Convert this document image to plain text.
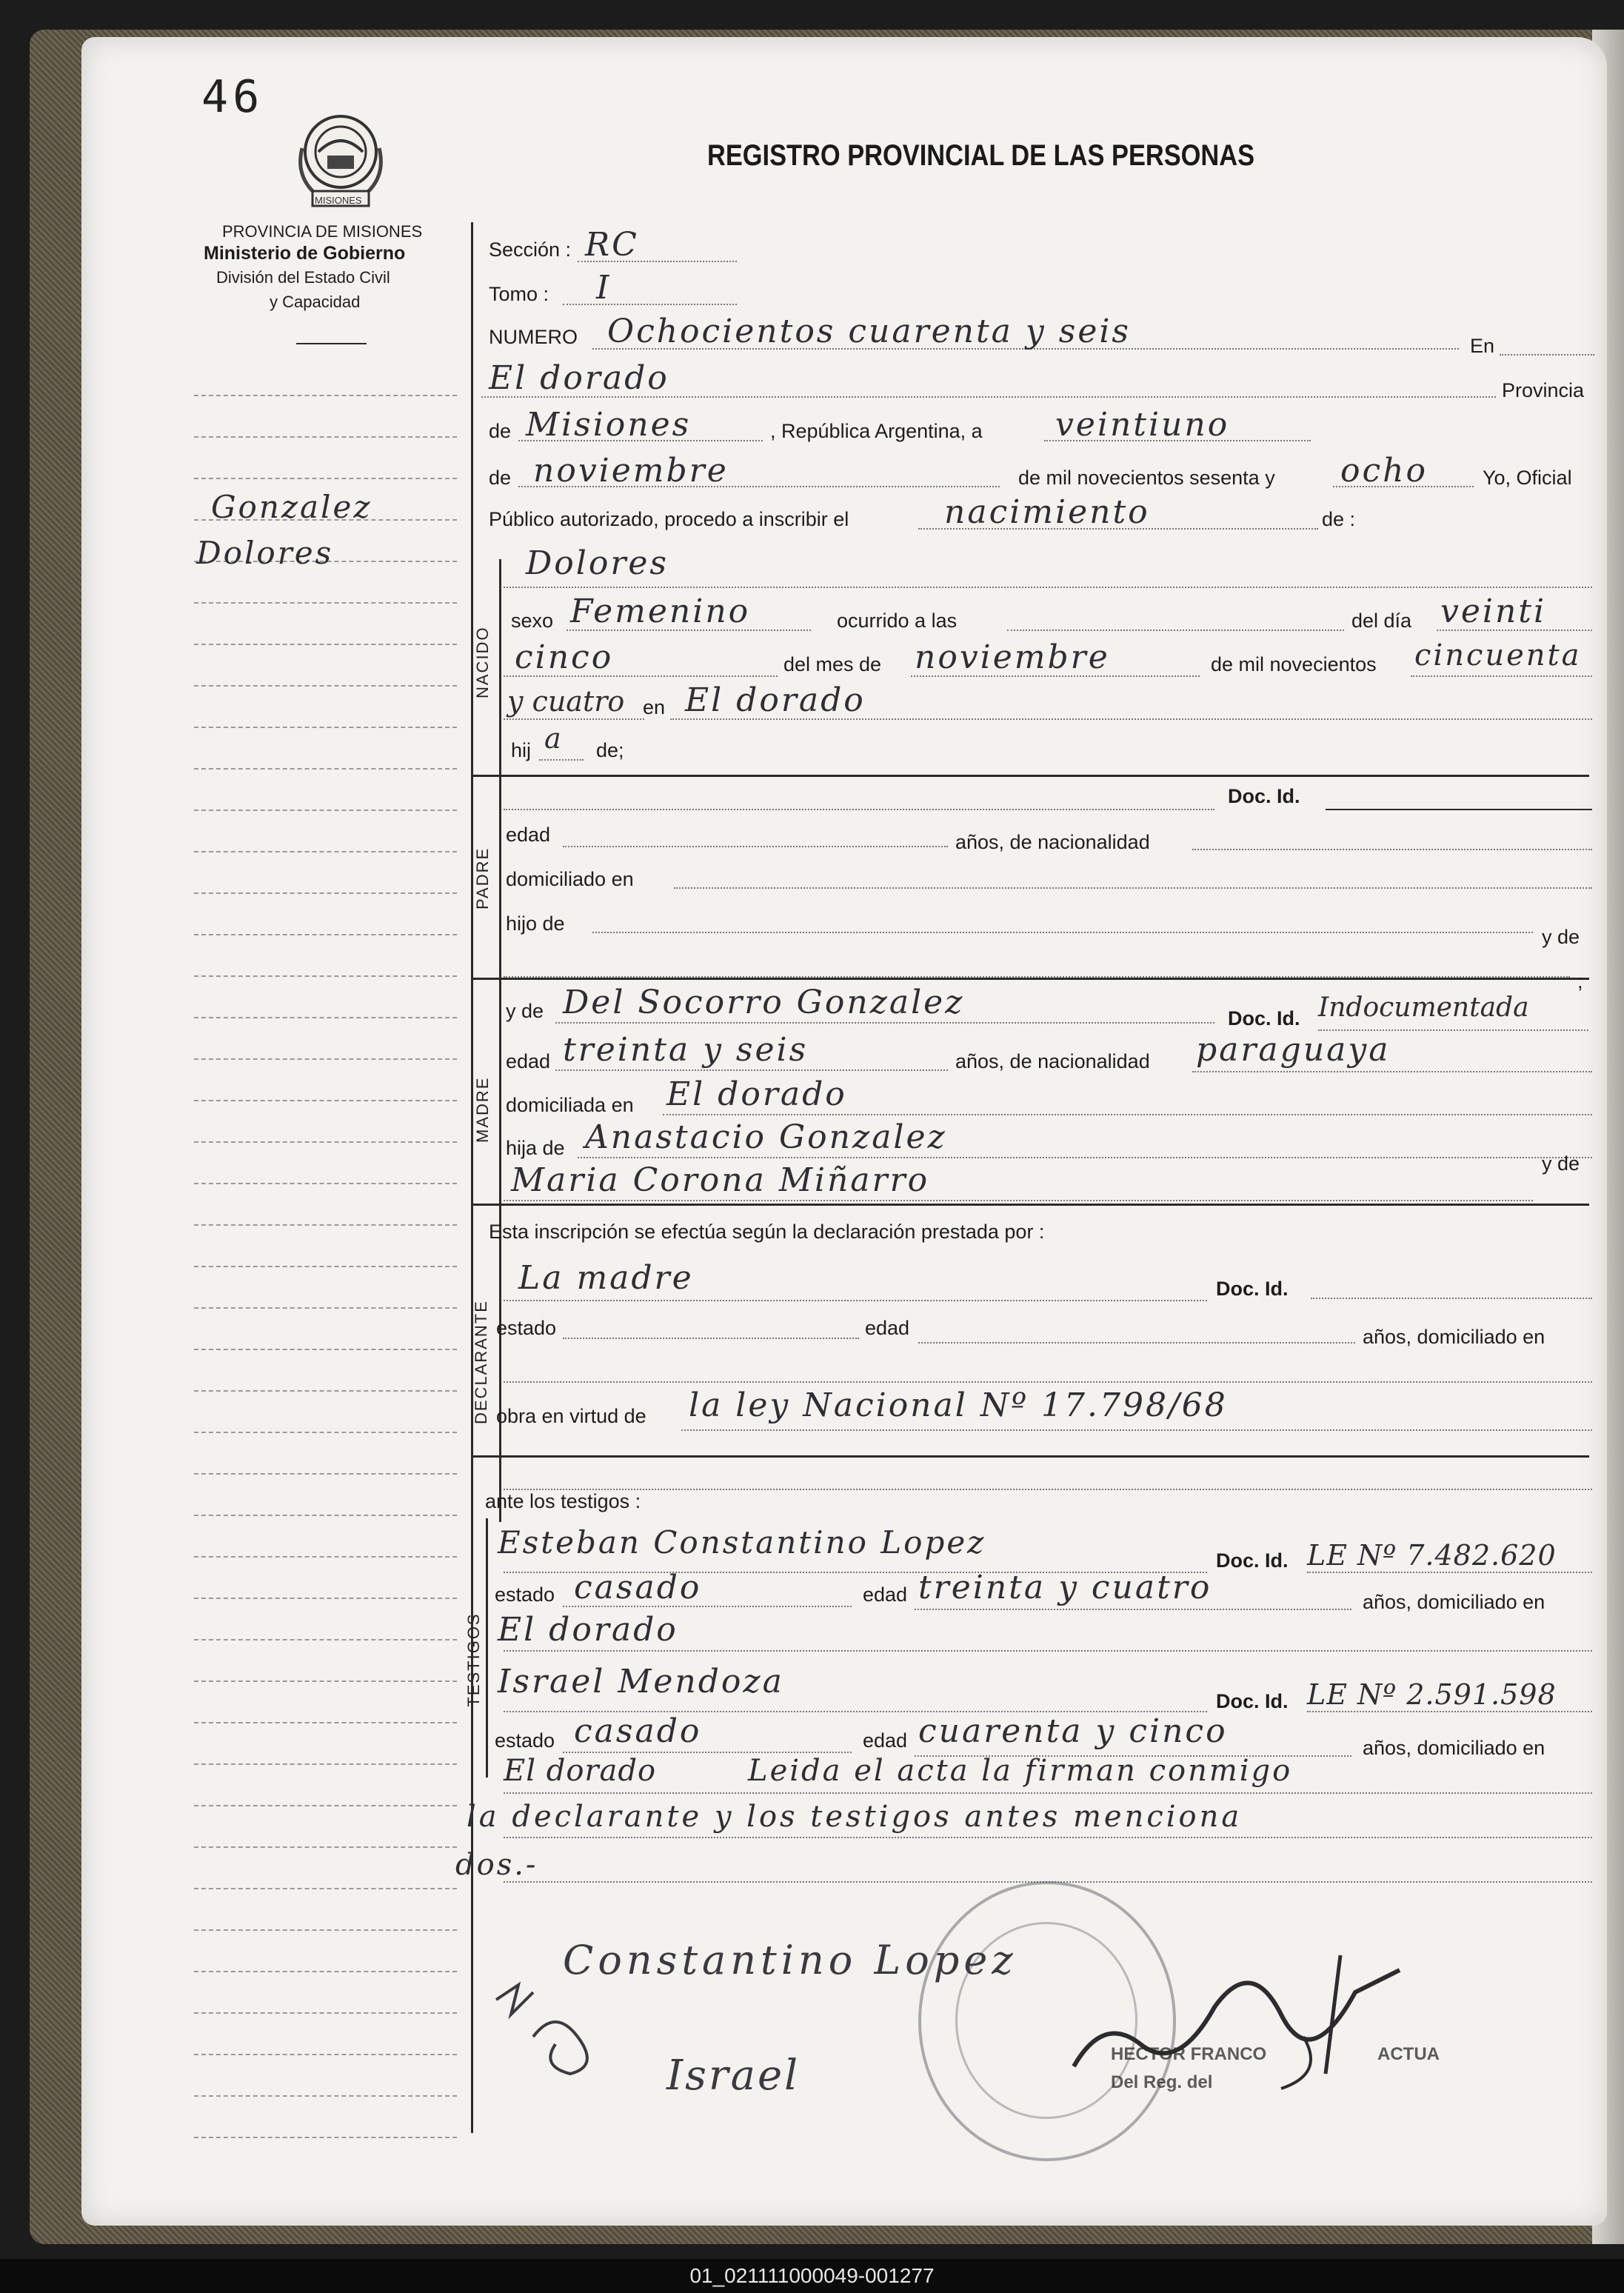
46
MISIONES
PROVINCIA DE MISIONES
Ministerio de Gobierno
División del Estado Civil
y Capacidad
REGISTRO PROVINCIAL DE LAS PERSONAS
Gonzalez
Dolores
Sección : RC
Tomo : I
NUMERO Ochocientos cuarenta y seis	En
El dorado	Provincia
de Misiones	, República Argentina, a veintiuno
de noviembre	de mil novecientos sesenta y ocho	Yo, Oficial
Público autorizado, procedo a inscribir el	nacimiento	de :
NACIDO
Dolores
sexo Femenino	ocurrido a las	del día veinti
cinco	del mes de noviembre	de mil novecientos cincuenta
y cuatro en El dorado
hij a de;
PADRE
Doc. Id.
edad	años, de nacionalidad
domiciliado en
hijo de
y de
;
MADRE
y de Del Socorro Gonzalez	Doc. Id. Indocumentada
edad treinta y seis	años, de nacionalidad paraguaya
domiciliada en El dorado
hija de Anastacio Gonzalez
Maria Corona Miñarro	y de
Esta inscripción se efectúa según la declaración prestada por :
DECLARANTE
La madre	Doc. Id.
estado	edad	años, domiciliado en
obra en virtud de la ley Nacional Nº 17.798/68
ante los testigos :
TESTIGOS
Esteban Constantino Lopez	Doc. Id. LE Nº 7.482.620
estado casado	edad treinta y cuatro	años, domiciliado en
El dorado
Israel Mendoza
Doc. Id. LE Nº 2.591.598
estado casado	edad cuarenta y cinco	años, domiciliado en
El dorado	Leida el acta la firman conmigo
la declarante y los testigos antes menciona
dos.-
Constantino Lopez
Israel	HECTOR FRANCO	ACTUA
Del Reg. del
01_021111000049-001277
